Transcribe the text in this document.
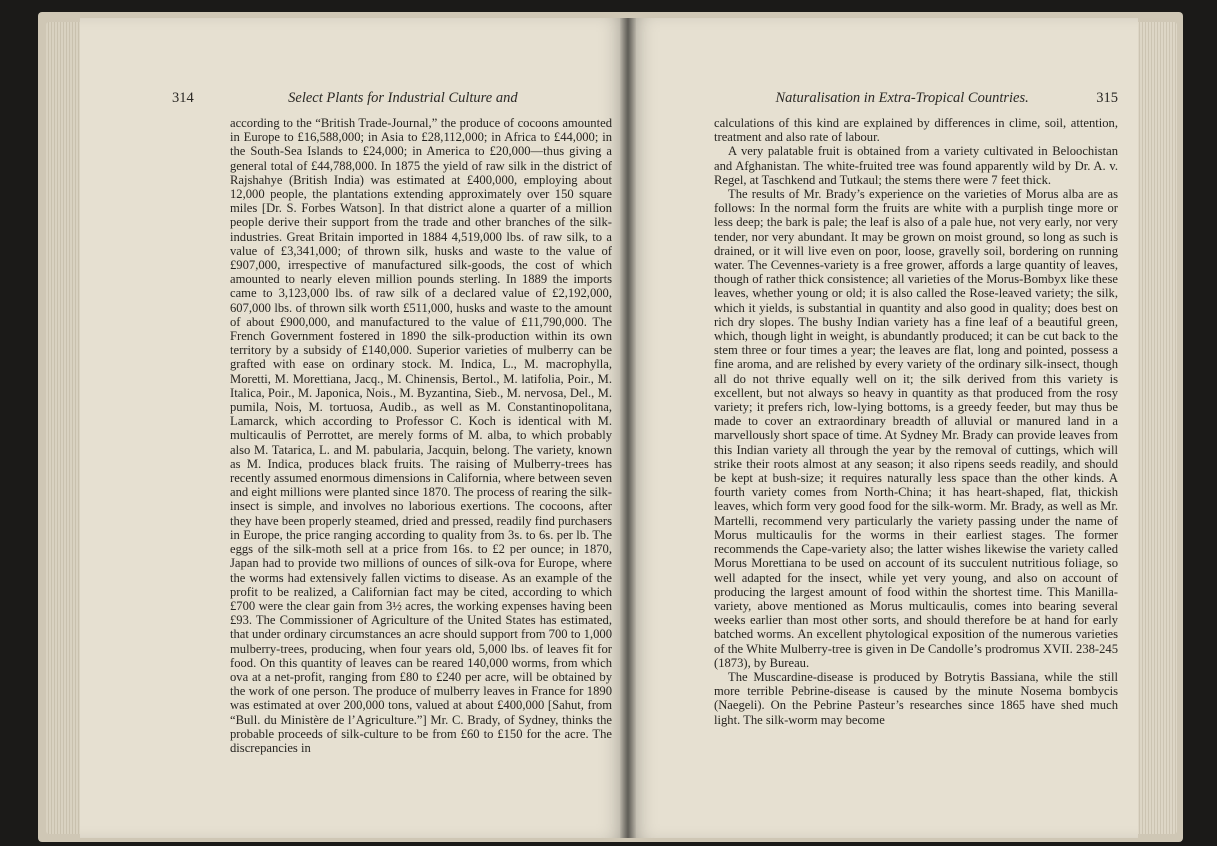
314	Select Plants for Industrial Culture and

according to the “British Trade-Journal,” the produce of cocoons amounted in Europe to £16,588,000; in Asia to £28,112,000; in Africa to £44,000; in the South-Sea Islands to £24,000; in America to £20,000—thus giving a general total of £44,788,000. In 1875 the yield of raw silk in the district of Rajshahye (British India) was estimated at £400,000, employing about 12,000 people, the plantations extending approximately over 150 square miles [Dr. S. Forbes Watson]. In that district alone a quarter of a million people derive their support from the trade and other branches of the silk-industries. Great Britain imported in 1884 4,519,000 lbs. of raw silk, to a value of £3,341,000; of thrown silk, husks and waste to the value of £907,000, irrespective of manufactured silk-goods, the cost of which amounted to nearly eleven million pounds sterling. In 1889 the imports came to 3,123,000 lbs. of raw silk of a declared value of £2,192,000, 607,000 lbs. of thrown silk worth £511,000, husks and waste to the amount of about £900,000, and manufactured to the value of £11,790,000. The French Government fostered in 1890 the silk-production within its own territory by a subsidy of £140,000. Superior varieties of mulberry can be grafted with ease on ordinary stock. M. Indica, L., M. macrophylla, Moretti, M. Morettiana, Jacq., M. Chinensis, Bertol., M. latifolia, Poir., M. Italica, Poir., M. Japonica, Nois., M. Byzantina, Sieb., M. nervosa, Del., M. pumila, Nois, M. tortuosa, Audib., as well as M. Constantinopolitana, Lamarck, which according to Professor C. Koch is identical with M. multicaulis of Perrottet, are merely forms of M. alba, to which probably also M. Tatarica, L. and M. pabularia, Jacquin, belong. The variety, known as M. Indica, produces black fruits. The raising of Mulberry-trees has recently assumed enormous dimensions in California, where between seven and eight millions were planted since 1870. The process of rearing the silk-insect is simple, and involves no laborious exertions. The cocoons, after they have been properly steamed, dried and pressed, readily find purchasers in Europe, the price ranging according to quality from 3s. to 6s. per lb. The eggs of the silk-moth sell at a price from 16s. to £2 per ounce; in 1870, Japan had to provide two millions of ounces of silk-ova for Europe, where the worms had extensively fallen victims to disease. As an example of the profit to be realized, a Californian fact may be cited, according to which £700 were the clear gain from 3½ acres, the working expenses having been £93. The Commissioner of Agriculture of the United States has estimated, that under ordinary circumstances an acre should support from 700 to 1,000 mulberry-trees, producing, when four years old, 5,000 lbs. of leaves fit for food. On this quantity of leaves can be reared 140,000 worms, from which ova at a net-profit, ranging from £80 to £240 per acre, will be obtained by the work of one person. The produce of mulberry leaves in France for 1890 was estimated at over 200,000 tons, valued at about £400,000 [Sahut, from “Bull. du Ministère de l’Agriculture.”] Mr. C. Brady, of Sydney, thinks the probable proceeds of silk-culture to be from £60 to £150 for the acre. The discrepancies in

Naturalisation in Extra-Tropical Countries.	315

calculations of this kind are explained by differences in clime, soil, attention, treatment and also rate of labour.

A very palatable fruit is obtained from a variety cultivated in Beloochistan and Afghanistan. The white-fruited tree was found apparently wild by Dr. A. v. Regel, at Taschkend and Tutkaul; the stems there were 7 feet thick.

The results of Mr. Brady’s experience on the varieties of Morus alba are as follows: In the normal form the fruits are white with a purplish tinge more or less deep; the bark is pale; the leaf is also of a pale hue, not very early, nor very tender, nor very abundant. It may be grown on moist ground, so long as such is drained, or it will live even on poor, loose, gravelly soil, bordering on running water. The Cevennes-variety is a free grower, affords a large quantity of leaves, though of rather thick consistence; all varieties of the Morus-Bombyx like these leaves, whether young or old; it is also called the Rose-leaved variety; the silk, which it yields, is substantial in quantity and also good in quality; does best on rich dry slopes. The bushy Indian variety has a fine leaf of a beautiful green, which, though light in weight, is abundantly produced; it can be cut back to the stem three or four times a year; the leaves are flat, long and pointed, possess a fine aroma, and are relished by every variety of the ordinary silk-insect, though all do not thrive equally well on it; the silk derived from this variety is excellent, but not always so heavy in quantity as that produced from the rosy variety; it prefers rich, low-lying bottoms, is a greedy feeder, but may thus be made to cover an extraordinary breadth of alluvial or manured land in a marvellously short space of time. At Sydney Mr. Brady can provide leaves from this Indian variety all through the year by the removal of cuttings, which will strike their roots almost at any season; it also ripens seeds readily, and should be kept at bush-size; it requires naturally less space than the other kinds. A fourth variety comes from North-China; it has heart-shaped, flat, thickish leaves, which form very good food for the silk-worm. Mr. Brady, as well as Mr. Martelli, recommend very particularly the variety passing under the name of Morus multicaulis for the worms in their earliest stages. The former recommends the Cape-variety also; the latter wishes likewise the variety called Morus Morettiana to be used on account of its succulent nutritious foliage, so well adapted for the insect, while yet very young, and also on account of producing the largest amount of food within the shortest time. This Manilla-variety, above mentioned as Morus multicaulis, comes into bearing several weeks earlier than most other sorts, and should therefore be at hand for early batched worms. An excellent phytological exposition of the numerous varieties of the White Mulberry-tree is given in De Candolle’s prodromus XVII. 238-245 (1873), by Bureau.

The Muscardine-disease is produced by Botrytis Bassiana, while the still more terrible Pebrine-disease is caused by the minute Nosema bombycis (Naegeli). On the Pebrine Pasteur’s researches since 1865 have shed much light. The silk-worm may become
